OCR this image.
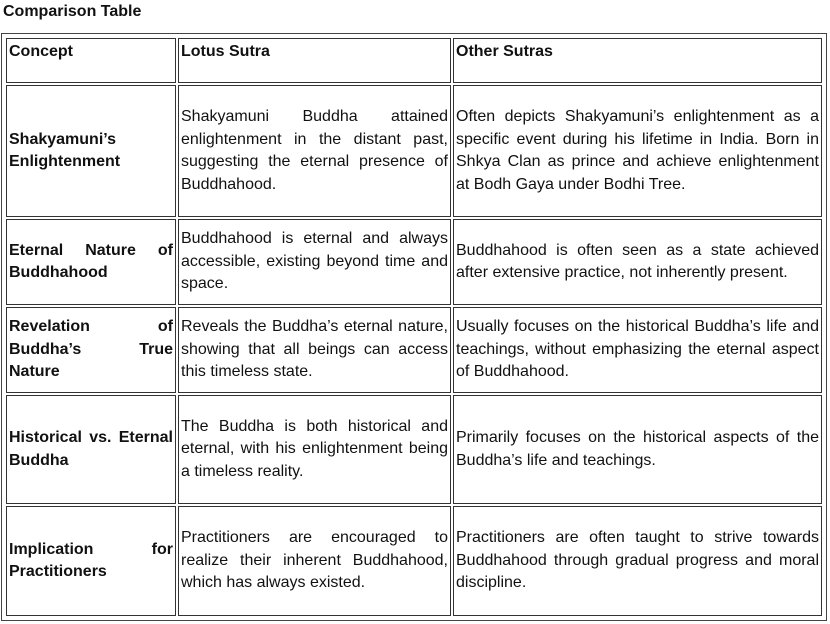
Comparison Table
Concept	Lotus Sutra	Other Sutras
Shakyamuni’s Enlightenment	Shakyamuni Buddha attained enlightenment in the distant past, suggesting the eternal presence of Buddhahood.	Often depicts Shakyamuni’s enlightenment as a specific event during his lifetime in India. Born in Shkya Clan as prince and achieve enlightenment at Bodh Gaya under Bodhi Tree.
Eternal Nature of Buddhahood	Buddhahood is eternal and always accessible, existing beyond time and space.	Buddhahood is often seen as a state achieved after extensive practice, not inherently present.
Revelation of Buddha’s True Nature	Reveals the Buddha’s eternal nature, showing that all beings can access this timeless state.	Usually focuses on the historical Buddha’s life and teachings, without emphasizing the eternal aspect of Buddhahood.
Historical vs. Eternal Buddha	The Buddha is both historical and eternal, with his enlightenment being a timeless reality.	Primarily focuses on the historical aspects of the Buddha’s life and teachings.
Implication for Practitioners	Practitioners are encouraged to realize their inherent Buddhahood, which has always existed.	Practitioners are often taught to strive towards Buddhahood through gradual progress and moral discipline.
